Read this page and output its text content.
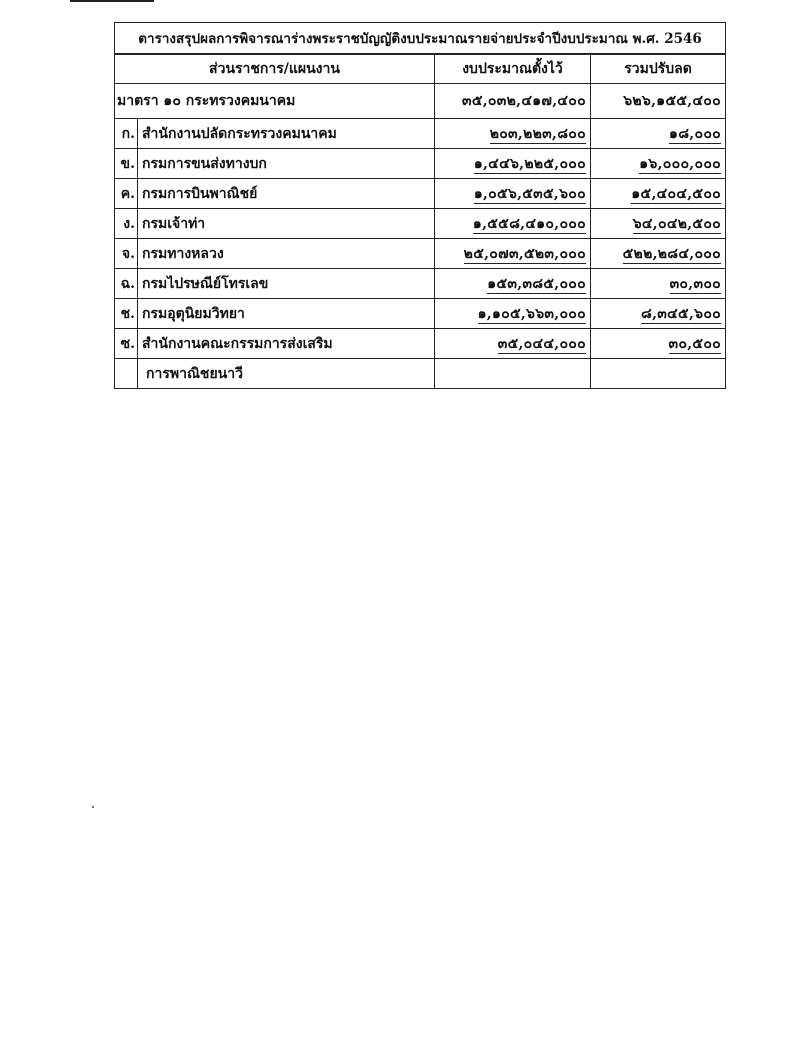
ตารางสรุปผลการพิจารณาร่างพระราชบัญญัติงบประมาณรายจ่ายประจำปีงบประมาณ พ.ศ. 2546			
ส่วนราชการ/แผนงาน		งบประมาณตั้งไว้	รวมปรับลด
มาตรา ๑๐ กระทรวงคมนาคม		๓๕,๐๓๒,๔๑๗,๔๐๐	๖๒๖,๑๕๕,๔๐๐
ก.	สำนักงานปลัดกระทรวงคมนาคม	๒๐๓,๒๒๓,๘๐๐	๑๘,๐๐๐
ข.	กรมการขนส่งทางบก	๑,๔๔๖,๒๒๕,๐๐๐	๑๖,๐๐๐,๐๐๐
ค.	กรมการบินพาณิชย์	๑,๐๕๖,๕๓๕,๖๐๐	๑๕,๔๐๔,๕๐๐
ง.	กรมเจ้าท่า	๑,๕๕๘,๔๑๐,๐๐๐	๖๔,๐๔๒,๕๐๐
จ.	กรมทางหลวง	๒๕,๐๗๓,๕๒๓,๐๐๐	๕๒๒,๒๘๔,๐๐๐
ฉ.	กรมไปรษณีย์โทรเลข	๑๕๓,๓๘๕,๐๐๐	๓๐,๓๐๐
ช.	กรมอุตุนิยมวิทยา	๑,๑๐๕,๖๖๓,๐๐๐	๘,๓๔๕,๖๐๐
ซ.	สำนักงานคณะกรรมการส่งเสริม	๓๕,๐๔๔,๐๐๐	๓๐,๕๐๐
	การพาณิชยนาวี		
